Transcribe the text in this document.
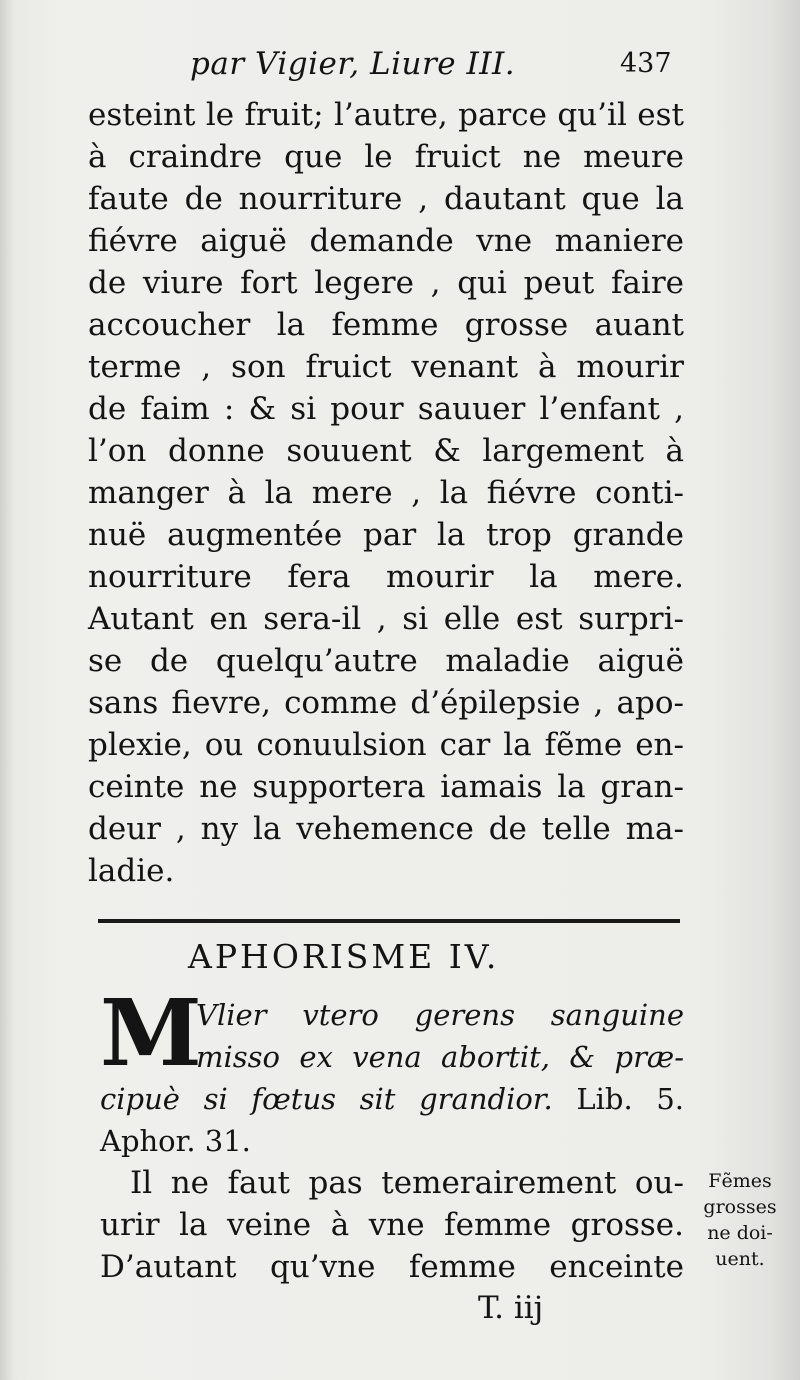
par Vigier, Liure III.	437
esteint le fruit; l’autre, parce qu’il est
à craindre que le fruict ne meure
faute de nourriture , dautant que la
fiévre aiguë demande vne maniere
de viure fort legere , qui peut faire
accoucher la femme grosse auant
terme , son fruict venant à mourir
de faim : & si pour sauuer l’enfant ,
l’on donne souuent & largement à
manger à la mere , la fiévre conti-
nuë augmentée par la trop grande
nourriture fera mourir la mere.
Autant en sera-il , si elle est surpri-
se de quelqu’autre maladie aiguë
sans fievre, comme d’épilepsie , apo-
plexie, ou conuulsion car la fẽme en-
ceinte ne supportera iamais la gran-
deur , ny la vehemence de telle ma-
ladie.
APHORISME IV.
M
Vlier vtero gerens sanguine
misso ex vena abortit, & præ-
cipuè si fœtus sit grandior. Lib. 5.
Aphor. 31.
Il ne faut pas temerairement ou-
urir la veine à vne femme grosse.
D’autant qu’vne femme enceinte
Fẽmes
grosses
ne doi-
uent.
T. iij
